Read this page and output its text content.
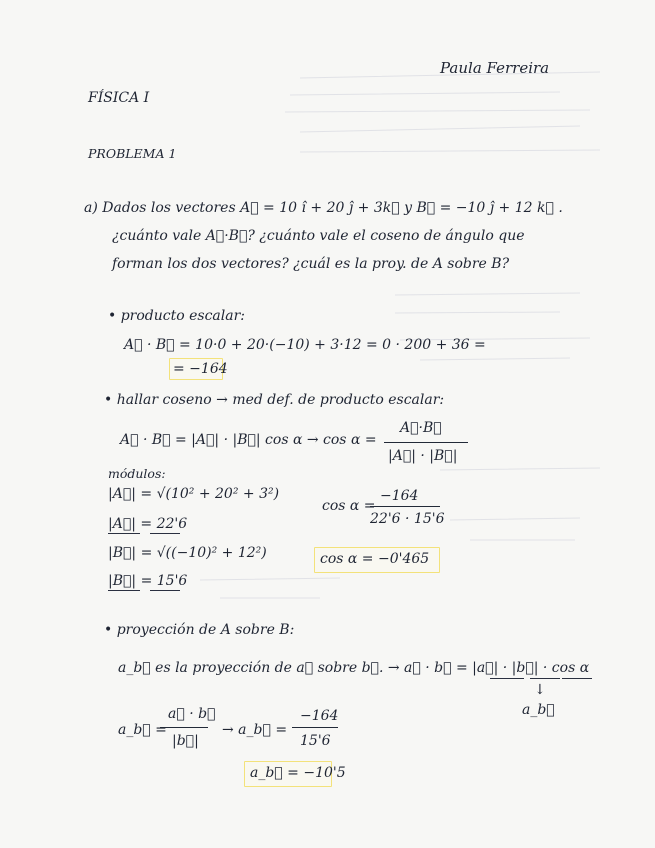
Paula Ferreira
FÍSICA I
PROBLEMA 1
a) Dados los vectores A⃗ = 10 î + 20 ĵ + 3k⃗ y B⃗ = −10 ĵ + 12 k⃗ .
¿cuánto vale A⃗·B⃗? ¿cuánto vale el coseno de ángulo que
forman los dos vectores? ¿cuál es la proy. de A sobre B?
• producto escalar:
A⃗ · B⃗ = 10·0 + 20·(−10) + 3·12 = 0 · 200 + 36 =
= −164
• hallar coseno → med def. de producto escalar:
A⃗ · B⃗ = |A⃗| · |B⃗| cos α → cos α =
A⃗·B⃗
|A⃗| · |B⃗|
módulos:
|A⃗| = √(10² + 20² + 3²)
|A⃗| = 22'6
|B⃗| = √((−10)² + 12²)
|B⃗| = 15'6
cos α =
−164
22'6 · 15'6
cos α = −0'465
• proyección de A sobre B:
a_b⃗ es la proyección de a⃗ sobre b⃗. → a⃗ · b⃗ = |a⃗| · |b⃗| · cos α
↓
a_b⃗
a_b⃗ =
a⃗ · b⃗
|b⃗|
→ a_b⃗ =
−164
15'6
a_b⃗ = −10'5
